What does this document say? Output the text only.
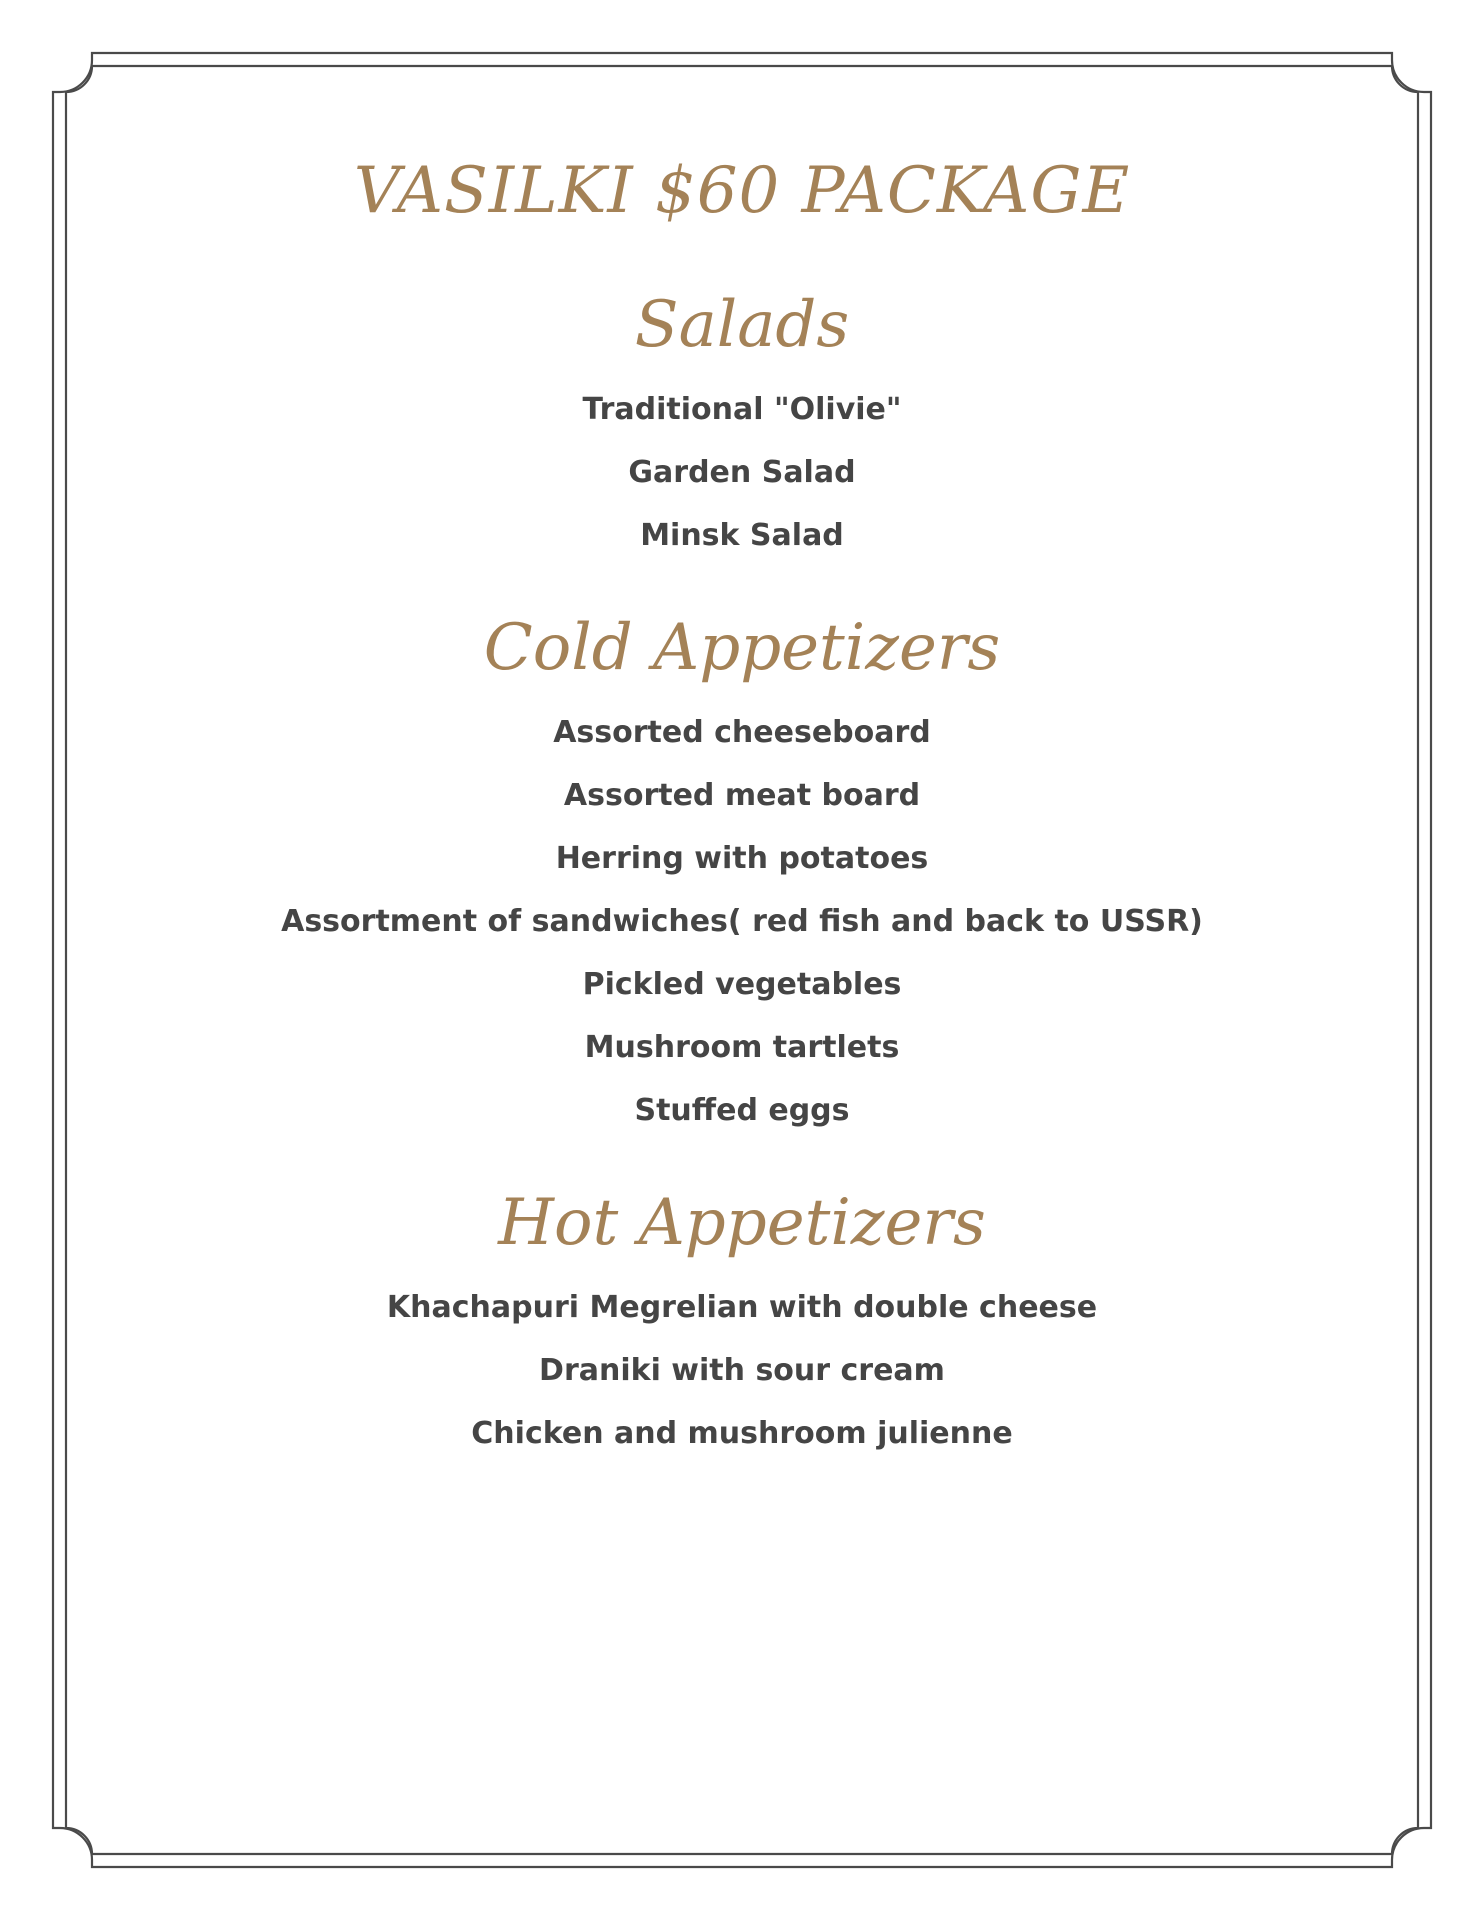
VASILKI $60 PACKAGE
Salads
Traditional "Olivie"
Garden Salad
Minsk Salad
Cold Appetizers
Assorted cheeseboard
Assorted meat board
Herring with potatoes
Assortment of sandwiches( red fish and back to USSR)
Pickled vegetables
Mushroom tartlets
Stuffed eggs
Hot Appetizers
Khachapuri Megrelian with double cheese
Draniki with sour cream
Chicken and mushroom julienne
